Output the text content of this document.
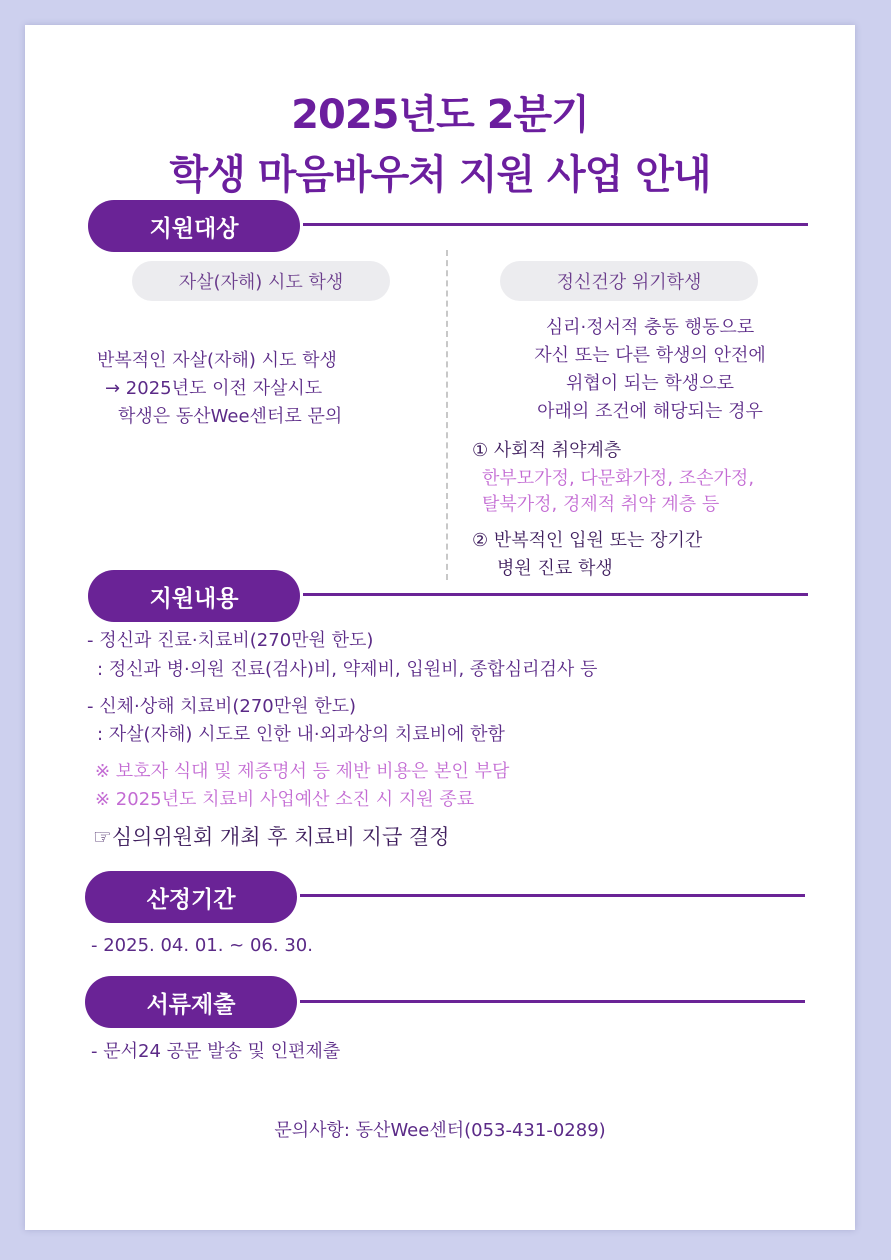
2025년도 2분기
학생 마음바우처 지원 사업 안내
지원대상
자살(자해) 시도 학생	정신건강 위기학생
반복적인 자살(자해) 시도 학생
→ 2025년도 이전 자살시도
학생은 동산Wee센터로 문의
심리·정서적 충동 행동으로
자신 또는 다른 학생의 안전에
위협이 되는 학생으로
아래의 조건에 해당되는 경우
① 사회적 취약계층
한부모가정, 다문화가정, 조손가정,
탈북가정, 경제적 취약 계층 등
② 반복적인 입원 또는 장기간
병원 진료 학생
지원내용
- 정신과 진료·치료비(270만원 한도)
: 정신과 병·의원 진료(검사)비, 약제비, 입원비, 종합심리검사 등
- 신체·상해 치료비(270만원 한도)
: 자살(자해) 시도로 인한 내·외과상의 치료비에 한함
※ 보호자 식대 및 제증명서 등 제반 비용은 본인 부담
※ 2025년도 치료비 사업예산 소진 시 지원 종료
☞심의위원회 개최 후 치료비 지급 결정
산정기간
- 2025. 04. 01. ~ 06. 30.
서류제출
- 문서24 공문 발송 및 인편제출
문의사항: 동산Wee센터(053-431-0289)
